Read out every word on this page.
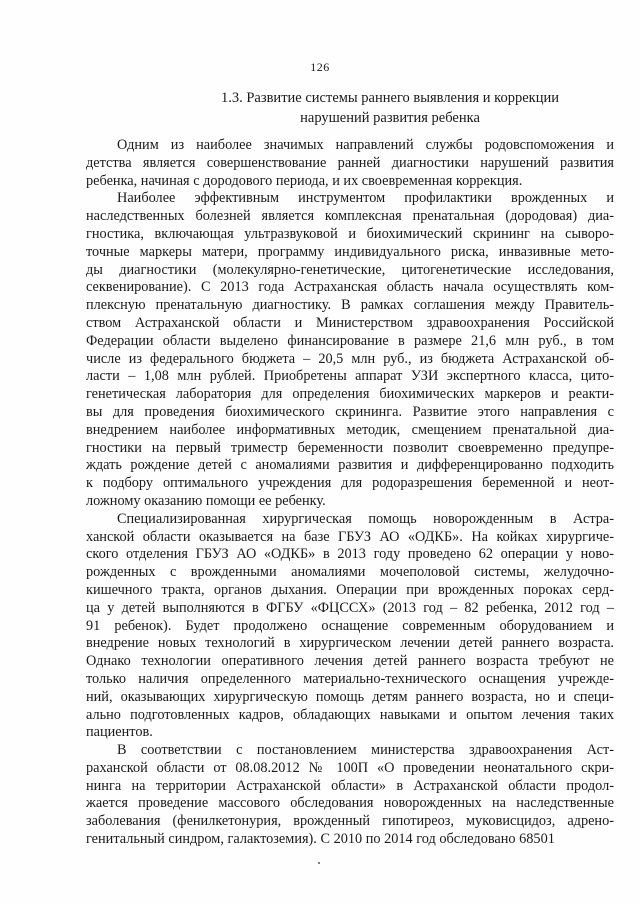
126
1.3. Развитие системы раннего выявления и коррекции
нарушений развития ребенка
Одним из наиболее значимых направлений службы родовспоможения и
детства является совершенствование ранней диагностики нарушений развития
ребенка, начиная с дородового периода, и их своевременная коррекция.
Наиболее эффективным инструментом профилактики врожденных и
наследственных болезней является комплексная пренатальная (дородовая) диа-
гностика, включающая ультразвуковой и биохимический скрининг на сыворо-
точные маркеры матери, программу индивидуального риска, инвазивные мето-
ды диагностики (молекулярно-генетические, цитогенетические исследования,
секвенирование). С 2013 года Астраханская область начала осуществлять ком-
плексную пренатальную диагностику. В рамках соглашения между Правитель-
ством Астраханской области и Министерством здравоохранения Российской
Федерации области выделено финансирование в размере 21,6 млн руб., в том
числе из федерального бюджета – 20,5 млн руб., из бюджета Астраханской об-
ласти – 1,08 млн рублей. Приобретены аппарат УЗИ экспертного класса, цито-
генетическая лаборатория для определения биохимических маркеров и реакти-
вы для проведения биохимического скрининга. Развитие этого направления с
внедрением наиболее информативных методик, смещением пренатальной диа-
гностики на первый триместр беременности позволит своевременно предупре-
ждать рождение детей с аномалиями развития и дифференцированно подходить
к подбору оптимального учреждения для родоразрешения беременной и неот-
ложному оказанию помощи ее ребенку.
Специализированная хирургическая помощь новорожденным в Астра-
ханской области оказывается на базе ГБУЗ АО «ОДКБ». На койках хирургиче-
ского отделения ГБУЗ АО «ОДКБ» в 2013 году проведено 62 операции у ново-
рожденных с врожденными аномалиями мочеполовой системы, желудочно-
кишечного тракта, органов дыхания. Операции при врожденных пороках серд-
ца у детей выполняются в ФГБУ «ФЦССХ» (2013 год – 82 ребенка, 2012 год –
91 ребенок). Будет продолжено оснащение современным оборудованием и
внедрение новых технологий в хирургическом лечении детей раннего возраста.
Однако технологии оперативного лечения детей раннего возраста требуют не
только наличия определенного материально-технического оснащения учрежде-
ний, оказывающих хирургическую помощь детям раннего возраста, но и специ-
ально подготовленных кадров, обладающих навыками и опытом лечения таких
пациентов.
В соответствии с постановлением министерства здравоохранения Аст-
раханской области от 08.08.2012 № 100П «О проведении неонатального скри-
нинга на территории Астраханской области» в Астраханской области продол-
жается проведение массового обследования новорожденных на наследственные
заболевания (фенилкетонурия, врожденный гипотиреоз, муковисцидоз, адрено-
генитальный синдром, галактоземия). С 2010 по 2014 год обследовано 68501
